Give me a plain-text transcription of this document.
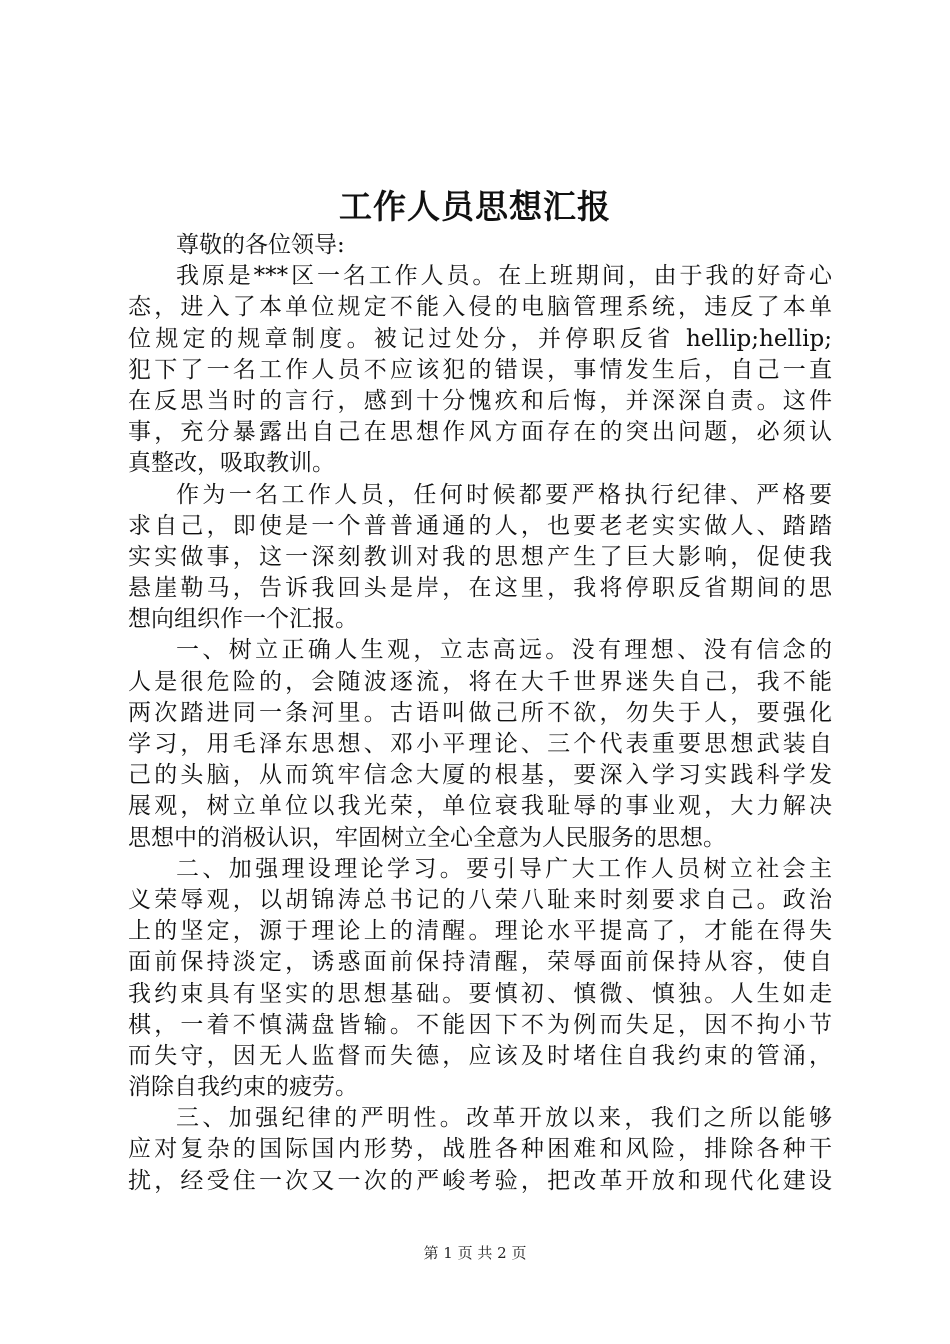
工作人员思想汇报
尊敬的各位领导:
我原是***区一名工作人员。在上班期间，由于我的好奇心
态，进入了本单位规定不能入侵的电脑管理系统，违反了本单
位规定的规章制度。被记过处分，并停职反省 hellip;hellip;
犯下了一名工作人员不应该犯的错误，事情发生后，自己一直
在反思当时的言行，感到十分愧疚和后悔，并深深自责。这件
事，充分暴露出自己在思想作风方面存在的突出问题，必须认
真整改，吸取教训。
作为一名工作人员，任何时候都要严格执行纪律、严格要
求自己，即使是一个普普通通的人，也要老老实实做人、踏踏
实实做事，这一深刻教训对我的思想产生了巨大影响，促使我
悬崖勒马，告诉我回头是岸，在这里，我将停职反省期间的思
想向组织作一个汇报。
一、树立正确人生观，立志高远。没有理想、没有信念的
人是很危险的，会随波逐流，将在大千世界迷失自己，我不能
两次踏进同一条河里。古语叫做己所不欲，勿失于人，要强化
学习，用毛泽东思想、邓小平理论、三个代表重要思想武装自
己的头脑，从而筑牢信念大厦的根基，要深入学习实践科学发
展观，树立单位以我光荣，单位衰我耻辱的事业观，大力解决
思想中的消极认识，牢固树立全心全意为人民服务的思想。
二、加强理设理论学习。要引导广大工作人员树立社会主
义荣辱观，以胡锦涛总书记的八荣八耻来时刻要求自己。政治
上的坚定，源于理论上的清醒。理论水平提高了，才能在得失
面前保持淡定，诱惑面前保持清醒，荣辱面前保持从容，使自
我约束具有坚实的思想基础。要慎初、慎微、慎独。人生如走
棋，一着不慎满盘皆输。不能因下不为例而失足，因不拘小节
而失守，因无人监督而失德，应该及时堵住自我约束的管涌，
消除自我约束的疲劳。
三、加强纪律的严明性。改革开放以来，我们之所以能够
应对复杂的国际国内形势，战胜各种困难和风险，排除各种干
扰，经受住一次又一次的严峻考验，把改革开放和现代化建设
第 1 页 共 2 页
